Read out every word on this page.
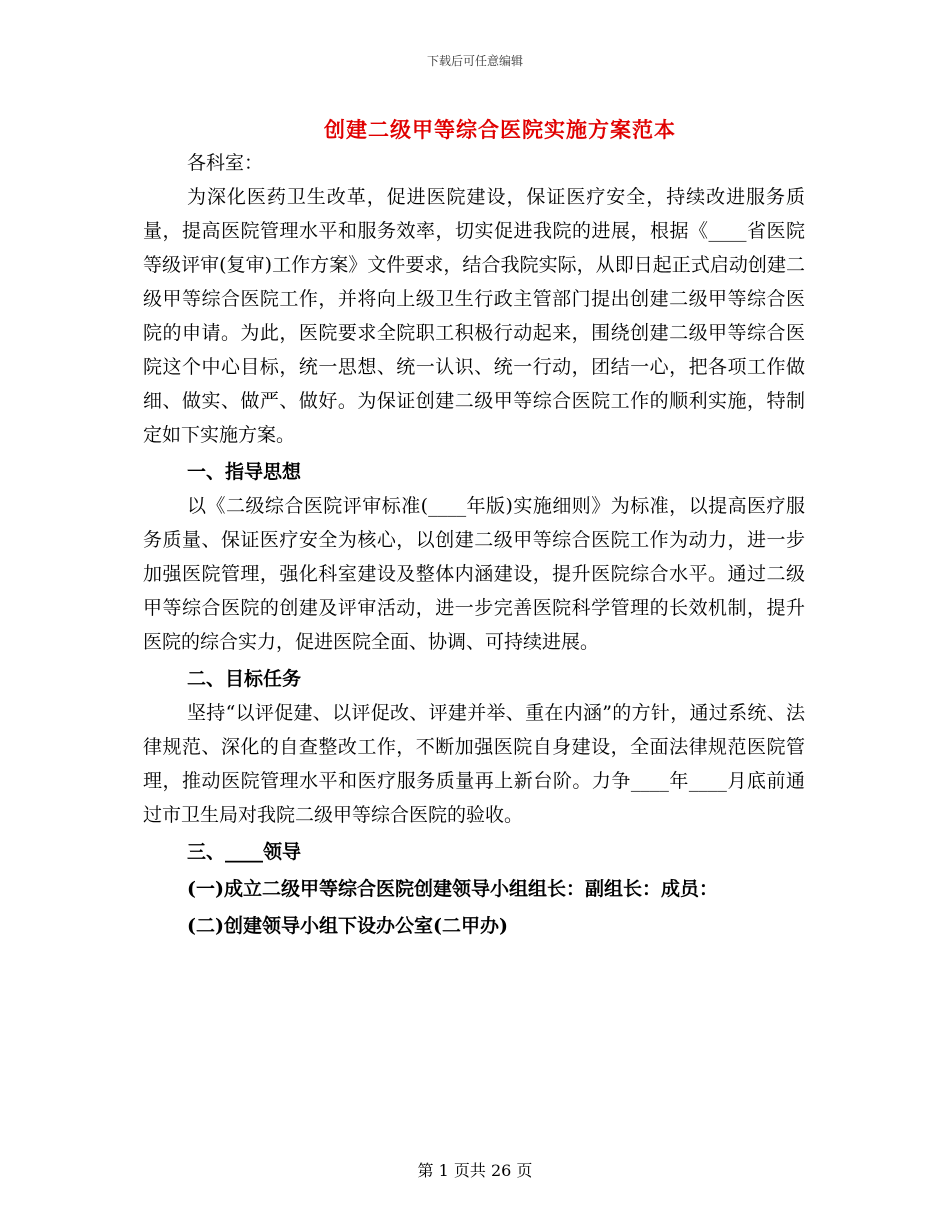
下载后可任意编辑
创建二级甲等综合医院实施方案范本

各科室：

为深化医药卫生改革，促进医院建设，保证医疗安全，持续改进服务质量，提高医院管理水平和服务效率，切实促进我院的进展，根据《____省医院等级评审(复审)工作方案》文件要求，结合我院实际，从即日起正式启动创建二级甲等综合医院工作，并将向上级卫生行政主管部门提出创建二级甲等综合医院的申请。为此，医院要求全院职工积极行动起来，围绕创建二级甲等综合医院这个中心目标，统一思想、统一认识、统一行动，团结一心，把各项工作做细、做实、做严、做好。为保证创建二级甲等综合医院工作的顺利实施，特制定如下实施方案。

一、指导思想

以《二级综合医院评审标准(____年版)实施细则》为标准，以提高医疗服务质量、保证医疗安全为核心，以创建二级甲等综合医院工作为动力，进一步加强医院管理，强化科室建设及整体内涵建设，提升医院综合水平。通过二级甲等综合医院的创建及评审活动，进一步完善医院科学管理的长效机制，提升医院的综合实力，促进医院全面、协调、可持续进展。

二、目标任务

坚持“以评促建、以评促改、评建并举、重在内涵”的方针，通过系统、法律规范、深化的自查整改工作，不断加强医院自身建设，全面法律规范医院管理，推动医院管理水平和医疗服务质量再上新台阶。力争____年____月底前通过市卫生局对我院二级甲等综合医院的验收。

三、____领导

(一)成立二级甲等综合医院创建领导小组组长：副组长：成员：

(二)创建领导小组下设办公室(二甲办)

第 1 页共 26 页
